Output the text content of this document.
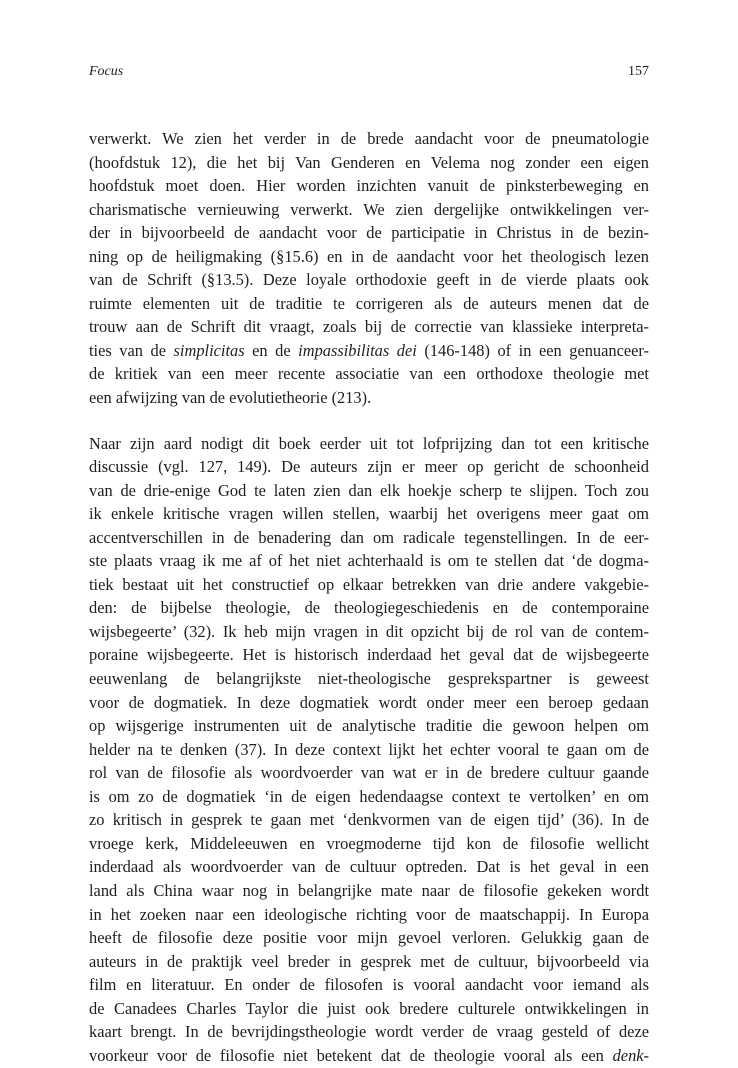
Focus	157
verwerkt. We zien het verder in de brede aandacht voor de pneumatologie
(hoofdstuk 12), die het bij Van Genderen en Velema nog zonder een eigen
hoofdstuk moet doen. Hier worden inzichten vanuit de pinksterbeweging en
charismatische vernieuwing verwerkt. We zien dergelijke ontwikkelingen ver-
der in bijvoorbeeld de aandacht voor de participatie in Christus in de bezin-
ning op de heiligmaking (§15.6) en in de aandacht voor het theologisch lezen
van de Schrift (§13.5). Deze loyale orthodoxie geeft in de vierde plaats ook
ruimte elementen uit de traditie te corrigeren als de auteurs menen dat de
trouw aan de Schrift dit vraagt, zoals bij de correctie van klassieke interpreta-
ties van de simplicitas en de impassibilitas dei (146-148) of in een genuanceer-
de kritiek van een meer recente associatie van een orthodoxe theologie met
een afwijzing van de evolutietheorie (213).
Naar zijn aard nodigt dit boek eerder uit tot lofprijzing dan tot een kritische
discussie (vgl. 127, 149). De auteurs zijn er meer op gericht de schoonheid
van de drie-enige God te laten zien dan elk hoekje scherp te slijpen. Toch zou
ik enkele kritische vragen willen stellen, waarbij het overigens meer gaat om
accentverschillen in de benadering dan om radicale tegenstellingen. In de eer-
ste plaats vraag ik me af of het niet achterhaald is om te stellen dat ‘de dogma-
tiek bestaat uit het constructief op elkaar betrekken van drie andere vakgebie-
den: de bijbelse theologie, de theologiegeschiedenis en de contemporaine
wijsbegeerte’ (32). Ik heb mijn vragen in dit opzicht bij de rol van de contem-
poraine wijsbegeerte. Het is historisch inderdaad het geval dat de wijsbegeerte
eeuwenlang de belangrijkste niet-theologische gesprekspartner is geweest
voor de dogmatiek. In deze dogmatiek wordt onder meer een beroep gedaan
op wijsgerige instrumenten uit de analytische traditie die gewoon helpen om
helder na te denken (37). In deze context lijkt het echter vooral te gaan om de
rol van de filosofie als woordvoerder van wat er in de bredere cultuur gaande
is om zo de dogmatiek ‘in de eigen hedendaagse context te vertolken’ en om
zo kritisch in gesprek te gaan met ‘denkvormen van de eigen tijd’ (36). In de
vroege kerk, Middeleeuwen en vroegmoderne tijd kon de filosofie wellicht
inderdaad als woordvoerder van de cultuur optreden. Dat is het geval in een
land als China waar nog in belangrijke mate naar de filosofie gekeken wordt
in het zoeken naar een ideologische richting voor de maatschappij. In Europa
heeft de filosofie deze positie voor mijn gevoel verloren. Gelukkig gaan de
auteurs in de praktijk veel breder in gesprek met de cultuur, bijvoorbeeld via
film en literatuur. En onder de filosofen is vooral aandacht voor iemand als
de Canadees Charles Taylor die juist ook bredere culturele ontwikkelingen in
kaart brengt. In de bevrijdingstheologie wordt verder de vraag gesteld of deze
voorkeur voor de filosofie niet betekent dat de theologie vooral als een denk-
